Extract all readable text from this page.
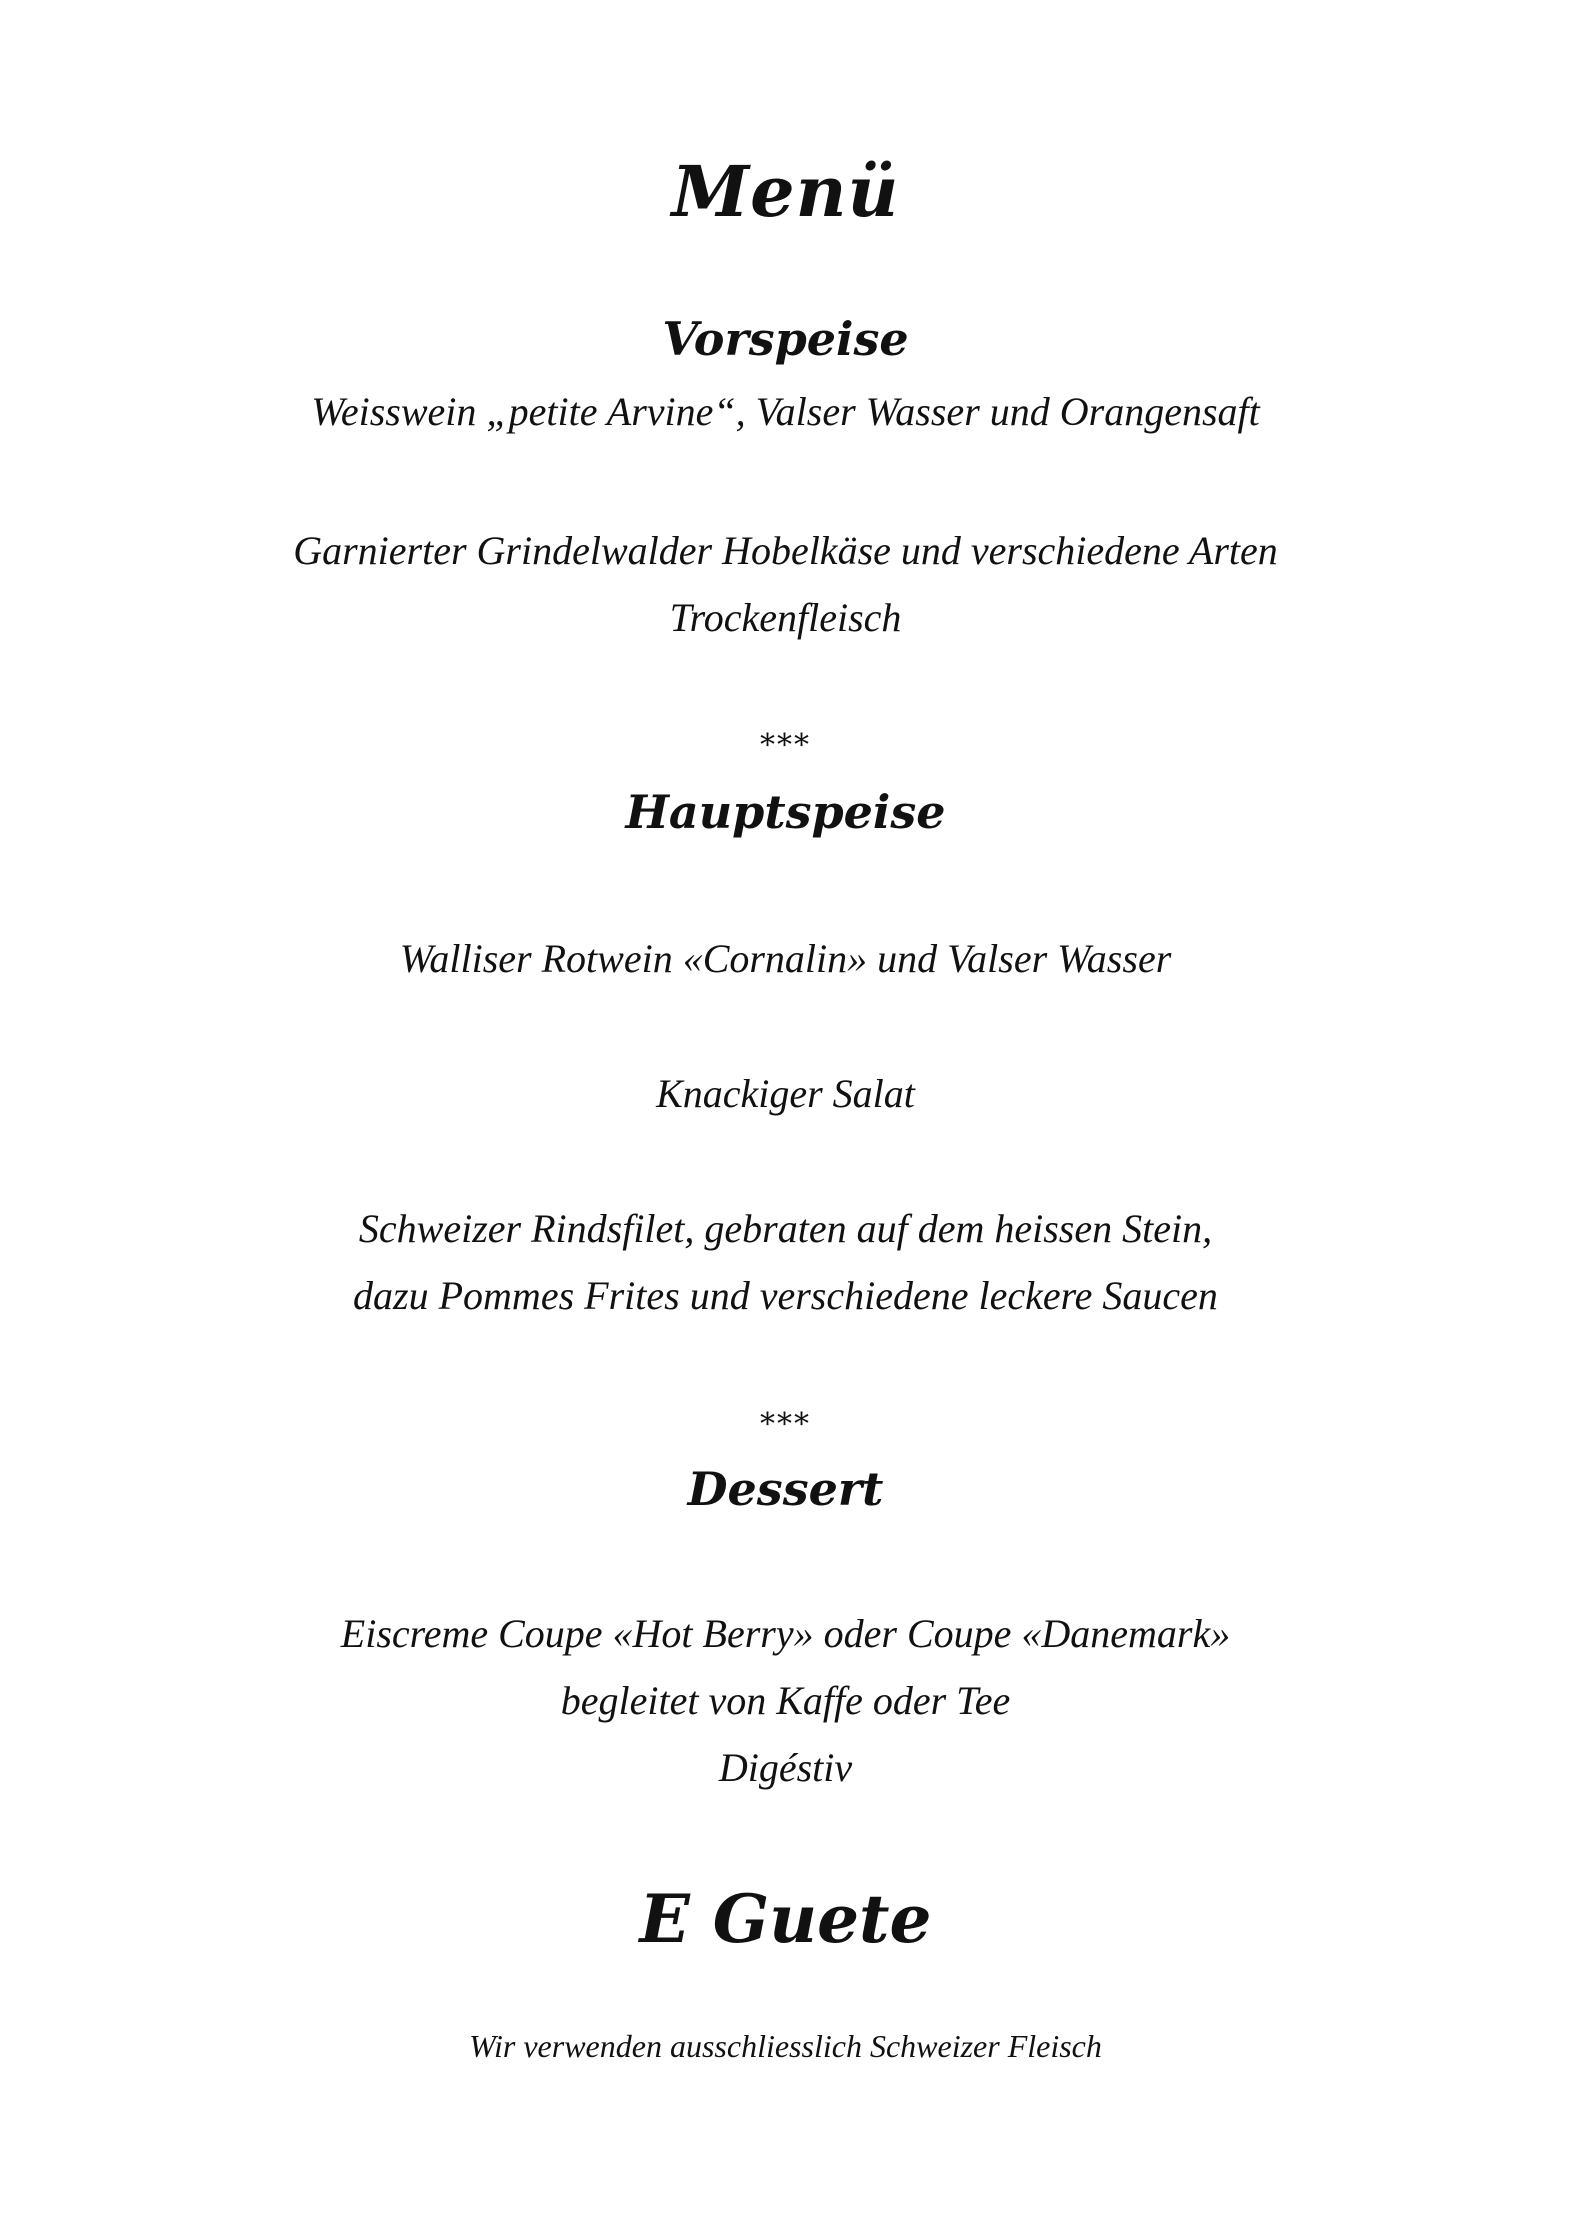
Menü
Vorspeise
Weisswein „petite Arvine“, Valser Wasser und Orangensaft
Garnierter Grindelwalder Hobelkäse und verschiedene Arten
Trockenfleisch
***
Hauptspeise
Walliser Rotwein «Cornalin» und Valser Wasser
Knackiger Salat
Schweizer Rindsfilet, gebraten auf dem heissen Stein,
dazu Pommes Frites und verschiedene leckere Saucen
***
Dessert
Eiscreme Coupe «Hot Berry» oder Coupe «Danemark»
begleitet von Kaffe oder Tee
Digéstiv
E Guete
Wir verwenden ausschliesslich Schweizer Fleisch
